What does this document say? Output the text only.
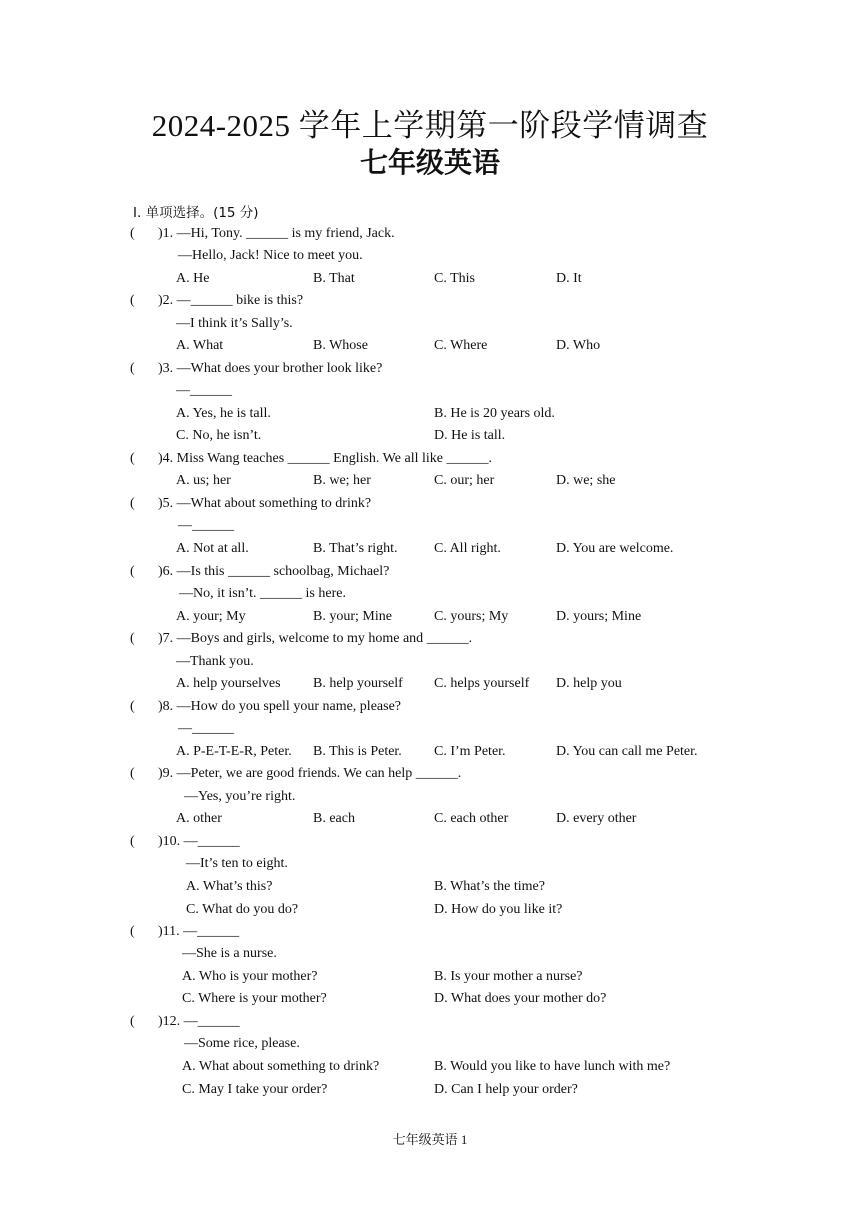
2024-2025 学年上学期第一阶段学情调查
七年级英语
Ⅰ. 单项选择。(15 分)
( )1. —Hi, Tony. ______ is my friend, Jack.
—Hello, Jack! Nice to meet you.
A. He	B. That	C. This	D. It
( )2. —______ bike is this?
—I think it’s Sally’s.
A. What	B. Whose	C. Where	D. Who
( )3. —What does your brother look like?
—______
A. Yes, he is tall.	B. He is 20 years old.
C. No, he isn’t.	D. He is tall.
( )4. Miss Wang teaches ______ English. We all like ______.
A. us; her	B. we; her	C. our; her	D. we; she
( )5. —What about something to drink?
—______
A. Not at all.	B. That’s right.	C. All right.	D. You are welcome.
( )6. —Is this ______ schoolbag, Michael?
—No, it isn’t. ______ is here.
A. your; My	B. your; Mine	C. yours; My	D. yours; Mine
( )7. —Boys and girls, welcome to my home and ______.
—Thank you.
A. help yourselves B. help yourself C. helps yourself D. help you
( )8. —How do you spell your name, please?
—______
A. P-E-T-E-R, Peter. B. This is Peter. C. I’m Peter.	D. You can call me Peter.
( )9. —Peter, we are good friends. We can help ______.
—Yes, you’re right.
A. other	B. each	C. each other	D. every other
( )10. —______
—It’s ten to eight.
A. What’s this?	B. What’s the time?
C. What do you do?	D. How do you like it?
( )11. —______
—She is a nurse.
A. Who is your mother?	B. Is your mother a nurse?
C. Where is your mother?	D. What does your mother do?
( )12. —______
—Some rice, please.
A. What about something to drink?	B. Would you like to have lunch with me?
C. May I take your order?	D. Can I help your order?
七年级英语 1
